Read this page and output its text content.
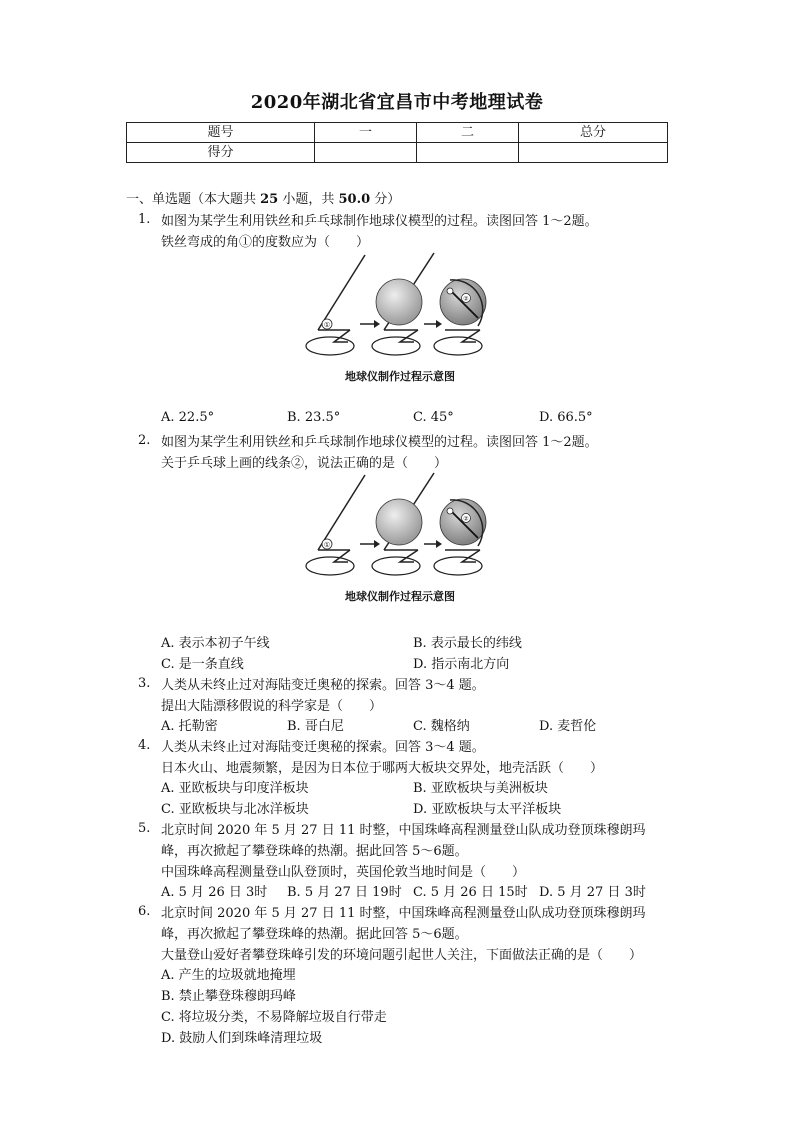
2020年湖北省宜昌市中考地理试卷
题号	一	二	总分
得分			
一、单选题（本大题共 25 小题，共 50.0 分）
1. 如图为某学生利用铁丝和乒乓球制作地球仪模型的过程。读图回答 1～2题。
铁丝弯成的角①的度数应为（　　）
①
②
地球仪制作过程示意图
A. 22.5°	B. 23.5°	C. 45°	D. 66.5°
2. 如图为某学生利用铁丝和乒乓球制作地球仪模型的过程。读图回答 1～2题。
关于乒乓球上画的线条②，说法正确的是（　　）
①
②
地球仪制作过程示意图
A. 表示本初子午线	B. 表示最长的纬线
C. 是一条直线	D. 指示南北方向
3. 人类从未终止过对海陆变迁奥秘的探索。回答 3～4 题。
提出大陆漂移假说的科学家是（　　）
A. 托勒密	B. 哥白尼	C. 魏格纳	D. 麦哲伦
4. 人类从未终止过对海陆变迁奥秘的探索。回答 3～4 题。
日本火山、地震频繁，是因为日本位于哪两大板块交界处，地壳活跃（　　）
A. 亚欧板块与印度洋板块	B. 亚欧板块与美洲板块
C. 亚欧板块与北冰洋板块	D. 亚欧板块与太平洋板块
5. 北京时间 2020 年 5 月 27 日 11 时整，中国珠峰高程测量登山队成功登顶珠穆朗玛
峰，再次掀起了攀登珠峰的热潮。据此回答 5～6题。
中国珠峰高程测量登山队登顶时，英国伦敦当地时间是（　　）
A. 5 月 26 日 3时 B. 5 月 27 日 19时 C. 5 月 26 日 15时 D. 5 月 27 日 3时
6. 北京时间 2020 年 5 月 27 日 11 时整，中国珠峰高程测量登山队成功登顶珠穆朗玛
峰，再次掀起了攀登珠峰的热潮。据此回答 5～6题。
大量登山爱好者攀登珠峰引发的环境问题引起世人关注，下面做法正确的是（　　）
A. 产生的垃圾就地掩埋
B. 禁止攀登珠穆朗玛峰
C. 将垃圾分类，不易降解垃圾自行带走
D. 鼓励人们到珠峰清理垃圾
